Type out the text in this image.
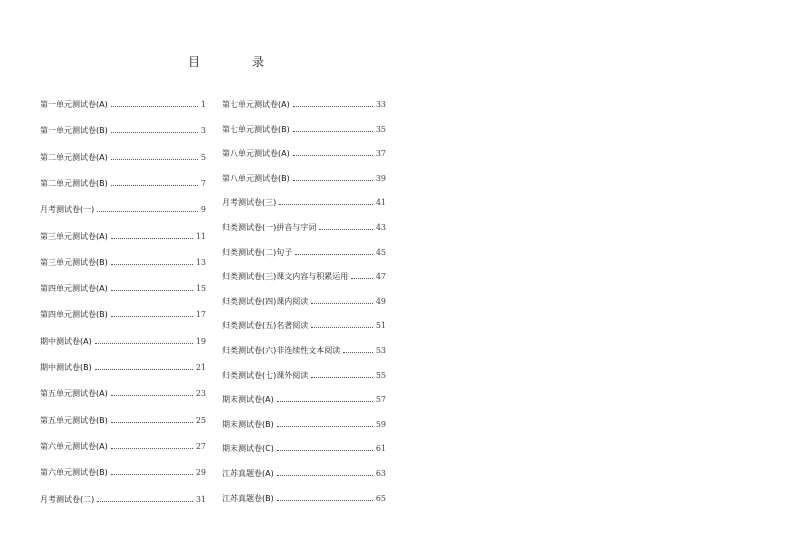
目　录
第一单元测试卷(A)	1
第一单元测试卷(B)	3
第二单元测试卷(A)	5
第二单元测试卷(B)	7
月考测试卷(一)	9
第三单元测试卷(A)	11
第三单元测试卷(B)	13
第四单元测试卷(A)	15
第四单元测试卷(B)	17
期中测试卷(A)	19
期中测试卷(B)	21
第五单元测试卷(A)	23
第五单元测试卷(B)	25
第六单元测试卷(A)	27
第六单元测试卷(B)	29
月考测试卷(二)	31
第七单元测试卷(A)	33
第七单元测试卷(B)	35
第八单元测试卷(A)	37
第八单元测试卷(B)	39
月考测试卷(三)	41
归类测试卷(一)拼音与字词	43
归类测试卷(二)句子	45
归类测试卷(三)课文内容与积累运用	47
归类测试卷(四)课内阅读	49
归类测试卷(五)名著阅读	51
归类测试卷(六)非连续性文本阅读	53
归类测试卷(七)课外阅读	55
期末测试卷(A)	57
期末测试卷(B)	59
期末测试卷(C)	61
江苏真题卷(A)	63
江苏真题卷(B)	65
